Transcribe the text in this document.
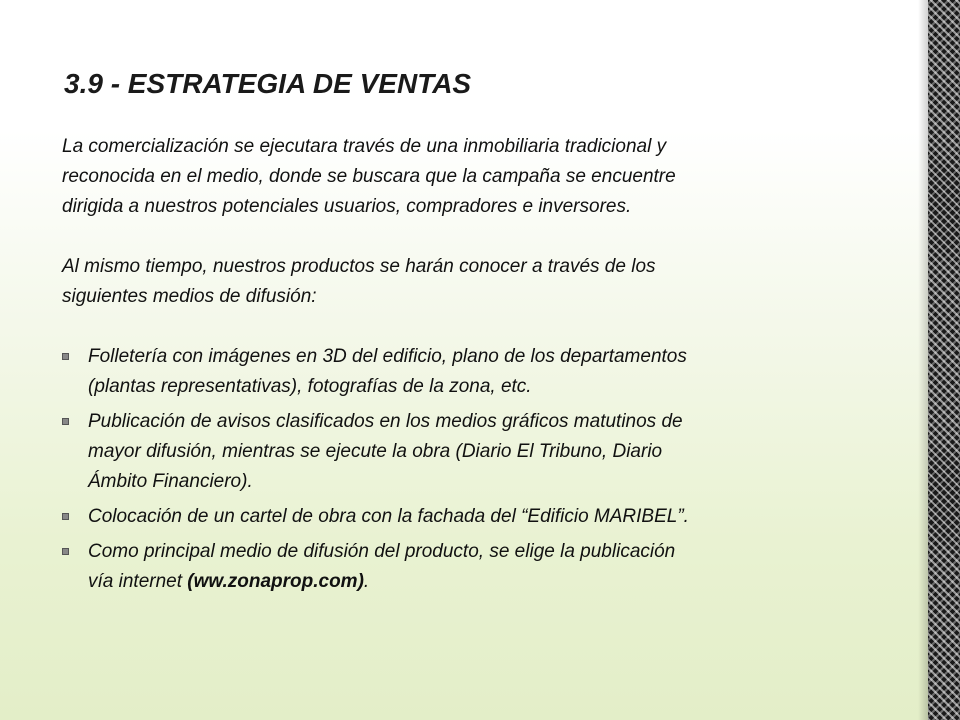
3.9 - ESTRATEGIA DE VENTAS

La comercialización se ejecutara través de una inmobiliaria tradicional y
reconocida en el medio, donde se buscara que la campaña se encuentre
dirigida a nuestros potenciales usuarios, compradores e inversores.

Al mismo tiempo, nuestros productos se harán conocer a través de los
siguientes medios de difusión:

Folletería con imágenes en 3D del edificio, plano de los departamentos
(plantas representativas), fotografías de la zona, etc.
Publicación de avisos clasificados en los medios gráficos matutinos de
mayor difusión, mientras se ejecute la obra (Diario El Tribuno, Diario
Ámbito Financiero).
Colocación de un cartel de obra con la fachada del “Edificio MARIBEL”.
Como principal medio de difusión del producto, se elige la publicación
vía internet (ww.zonaprop.com).
